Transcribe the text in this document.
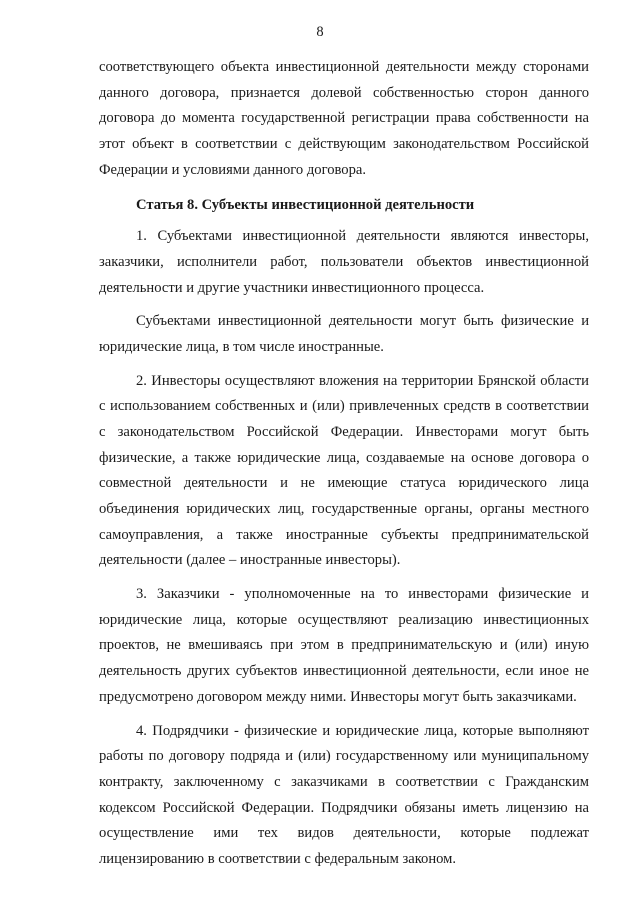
8
соответствующего объекта инвестиционной деятельности между сторонами
данного договора, признается долевой собственностью сторон данного
договора до момента государственной регистрации права собственности на
этот объект в соответствии с действующим законодательством Российской
Федерации и условиями данного договора.
Статья 8. Субъекты инвестиционной деятельности
1. Субъектами инвестиционной деятельности являются инвесторы,
заказчики, исполнители работ, пользователи объектов инвестиционной
деятельности и другие участники инвестиционного процесса.
Субъектами инвестиционной деятельности могут быть физические и
юридические лица, в том числе иностранные.
2. Инвесторы осуществляют вложения на территории Брянской области
с использованием собственных и (или) привлеченных средств в соответствии
с законодательством Российской Федерации. Инвесторами могут быть
физические, а также юридические лица, создаваемые на основе договора о
совместной деятельности и не имеющие статуса юридического лица
объединения юридических лиц, государственные органы, органы местного
самоуправления, а также иностранные субъекты предпринимательской
деятельности (далее – иностранные инвесторы).
3. Заказчики - уполномоченные на то инвесторами физические и
юридические лица, которые осуществляют реализацию инвестиционных
проектов, не вмешиваясь при этом в предпринимательскую и (или) иную
деятельность других субъектов инвестиционной деятельности, если иное не
предусмотрено договором между ними. Инвесторы могут быть заказчиками.
4. Подрядчики - физические и юридические лица, которые выполняют
работы по договору подряда и (или) государственному или муниципальному
контракту, заключенному с заказчиками в соответствии с Гражданским
кодексом Российской Федерации. Подрядчики обязаны иметь лицензию на
осуществление ими тех видов деятельности, которые подлежат
лицензированию в соответствии с федеральным законом.
